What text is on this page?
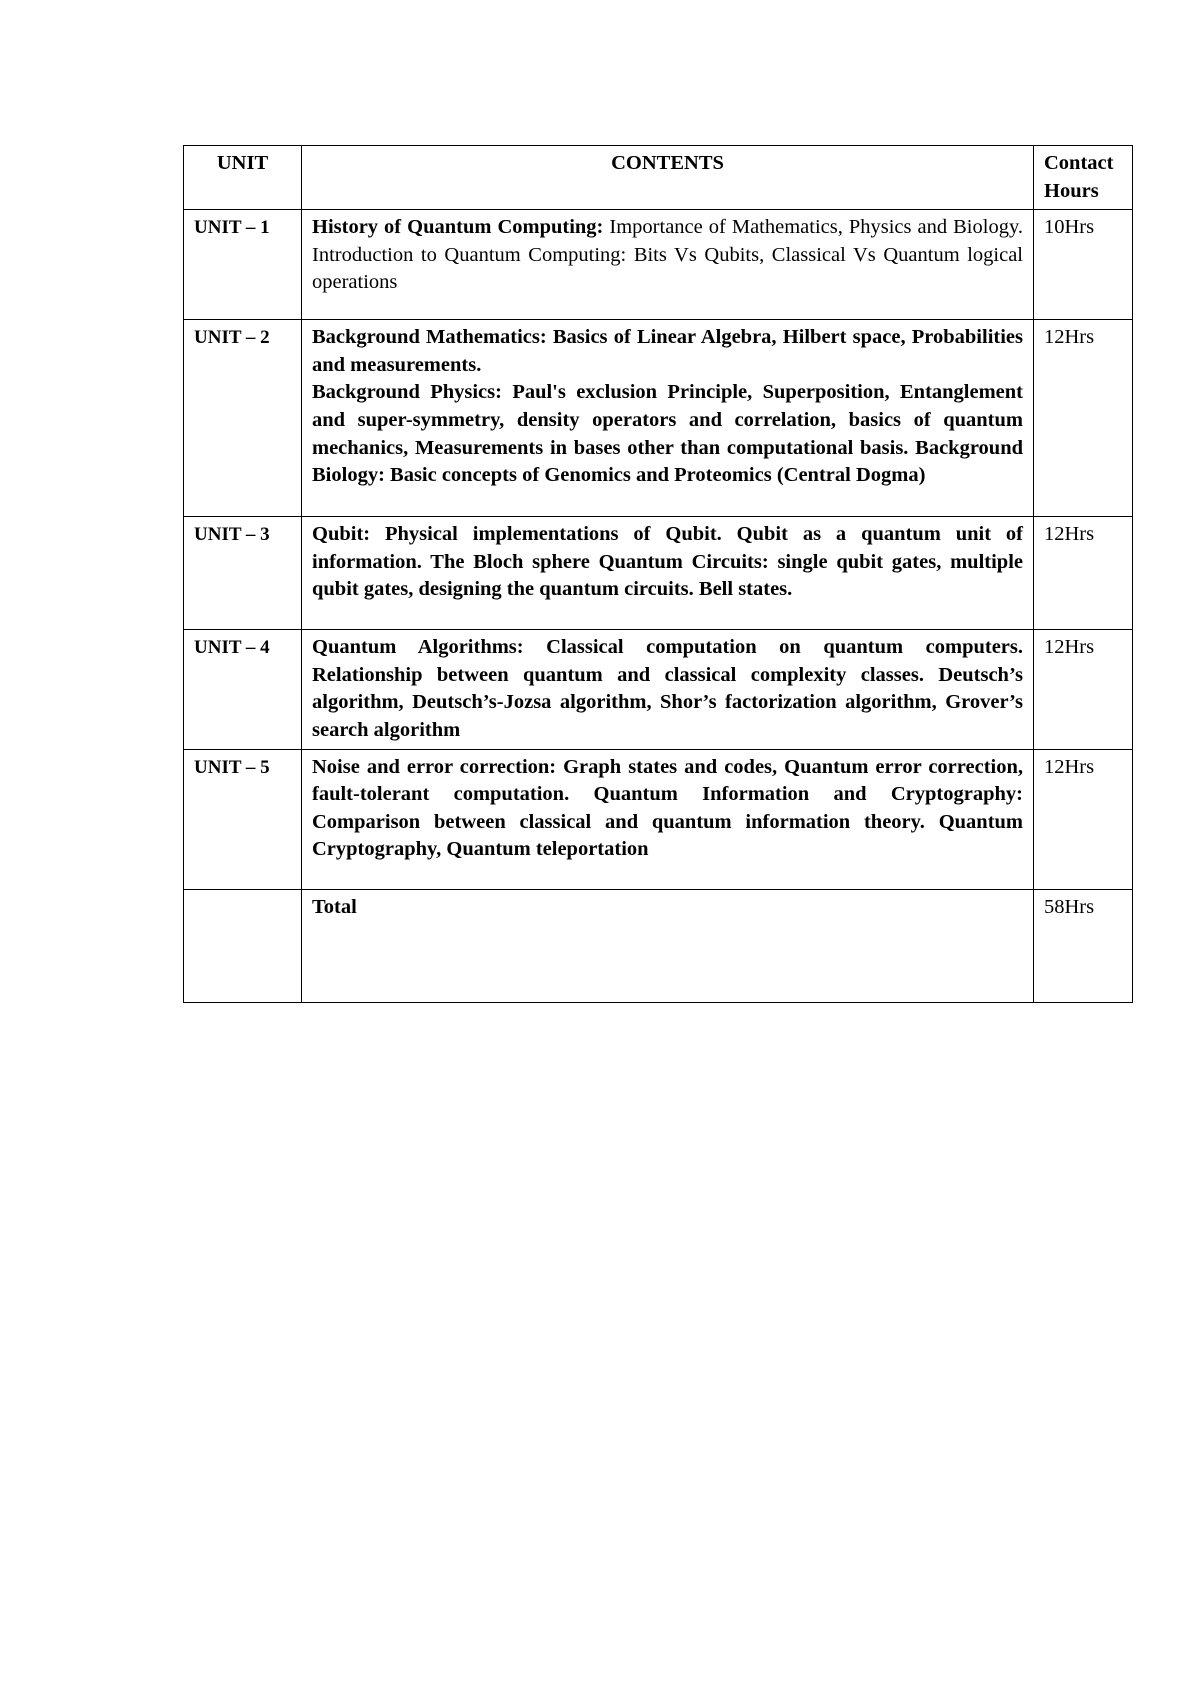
UNIT	CONTENTS	Contact Hours
UNIT – 1	History of Quantum Computing: Importance of Mathematics, Physics and Biology. Introduction to Quantum Computing: Bits Vs Qubits, Classical Vs Quantum logical operations	10Hrs
UNIT – 2	Background Mathematics: Basics of Linear Algebra, Hilbert space, Probabilities and measurements.
Background Physics: Paul's exclusion Principle, Superposition, Entanglement and super-symmetry, density operators and correlation, basics of quantum mechanics, Measurements in bases other than computational basis. Background Biology: Basic concepts of Genomics and Proteomics (Central Dogma)	12Hrs
UNIT – 3	Qubit: Physical implementations of Qubit. Qubit as a quantum unit of information. The Bloch sphere Quantum Circuits: single qubit gates, multiple qubit gates, designing the quantum circuits. Bell states.	12Hrs
UNIT – 4	Quantum Algorithms: Classical computation on quantum computers. Relationship between quantum and classical complexity classes. Deutsch’s algorithm, Deutsch’s-Jozsa algorithm, Shor’s factorization algorithm, Grover’s search algorithm	12Hrs
UNIT – 5	Noise and error correction: Graph states and codes, Quantum error correction, fault-tolerant computation. Quantum Information and Cryptography: Comparison between classical and quantum information theory. Quantum Cryptography, Quantum teleportation	12Hrs
	Total	58Hrs
